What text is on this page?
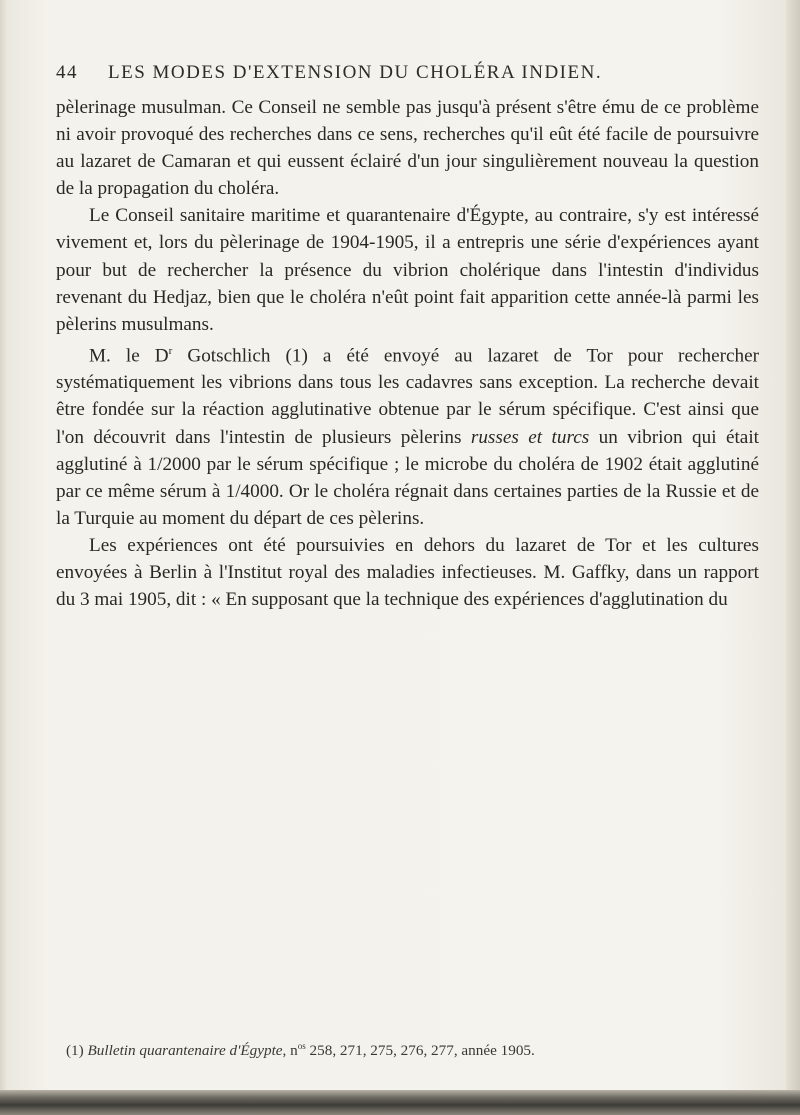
44 LES MODES D'EXTENSION DU CHOLÉRA INDIEN.

pèlerinage musulman. Ce Conseil ne semble pas jusqu'à présent s'être ému de ce problème ni avoir provoqué des recherches dans ce sens, recherches qu'il eût été facile de poursuivre au lazaret de Camaran et qui eussent éclairé d'un jour singulièrement nouveau la question de la propagation du choléra.

Le Conseil sanitaire maritime et quarantenaire d'Égypte, au contraire, s'y est intéressé vivement et, lors du pèlerinage de 1904-1905, il a entrepris une série d'expériences ayant pour but de rechercher la présence du vibrion cholérique dans l'intestin d'individus revenant du Hedjaz, bien que le choléra n'eût point fait apparition cette année-là parmi les pèlerins musulmans.

M. le $D^r$ Gotschlich (1) a été envoyé au lazaret de Tor pour rechercher systématiquement les vibrions dans tous les cadavres sans exception. La recherche devait être fondée sur la réaction agglutinative obtenue par le sérum spécifique. C'est ainsi que l'on découvrit dans l'intestin de plusieurs pèlerins russes et turcs un vibrion qui était agglutiné à 1/2000 par le sérum spécifique ; le microbe du choléra de 1902 était agglutiné par ce même sérum à 1/4000. Or le choléra régnait dans certaines parties de la Russie et de la Turquie au moment du départ de ces pèlerins.

Les expériences ont été poursuivies en dehors du lazaret de Tor et les cultures envoyées à Berlin à l'Institut royal des maladies infectieuses. M. Gaffky, dans un rapport du 3 mai 1905, dit : « En supposant que la technique des expériences d'agglutination du

(1) Bulletin quarantenaire d'Égypte, $n^{os}$ 258, 271, 275, 276, 277, année 1905.
